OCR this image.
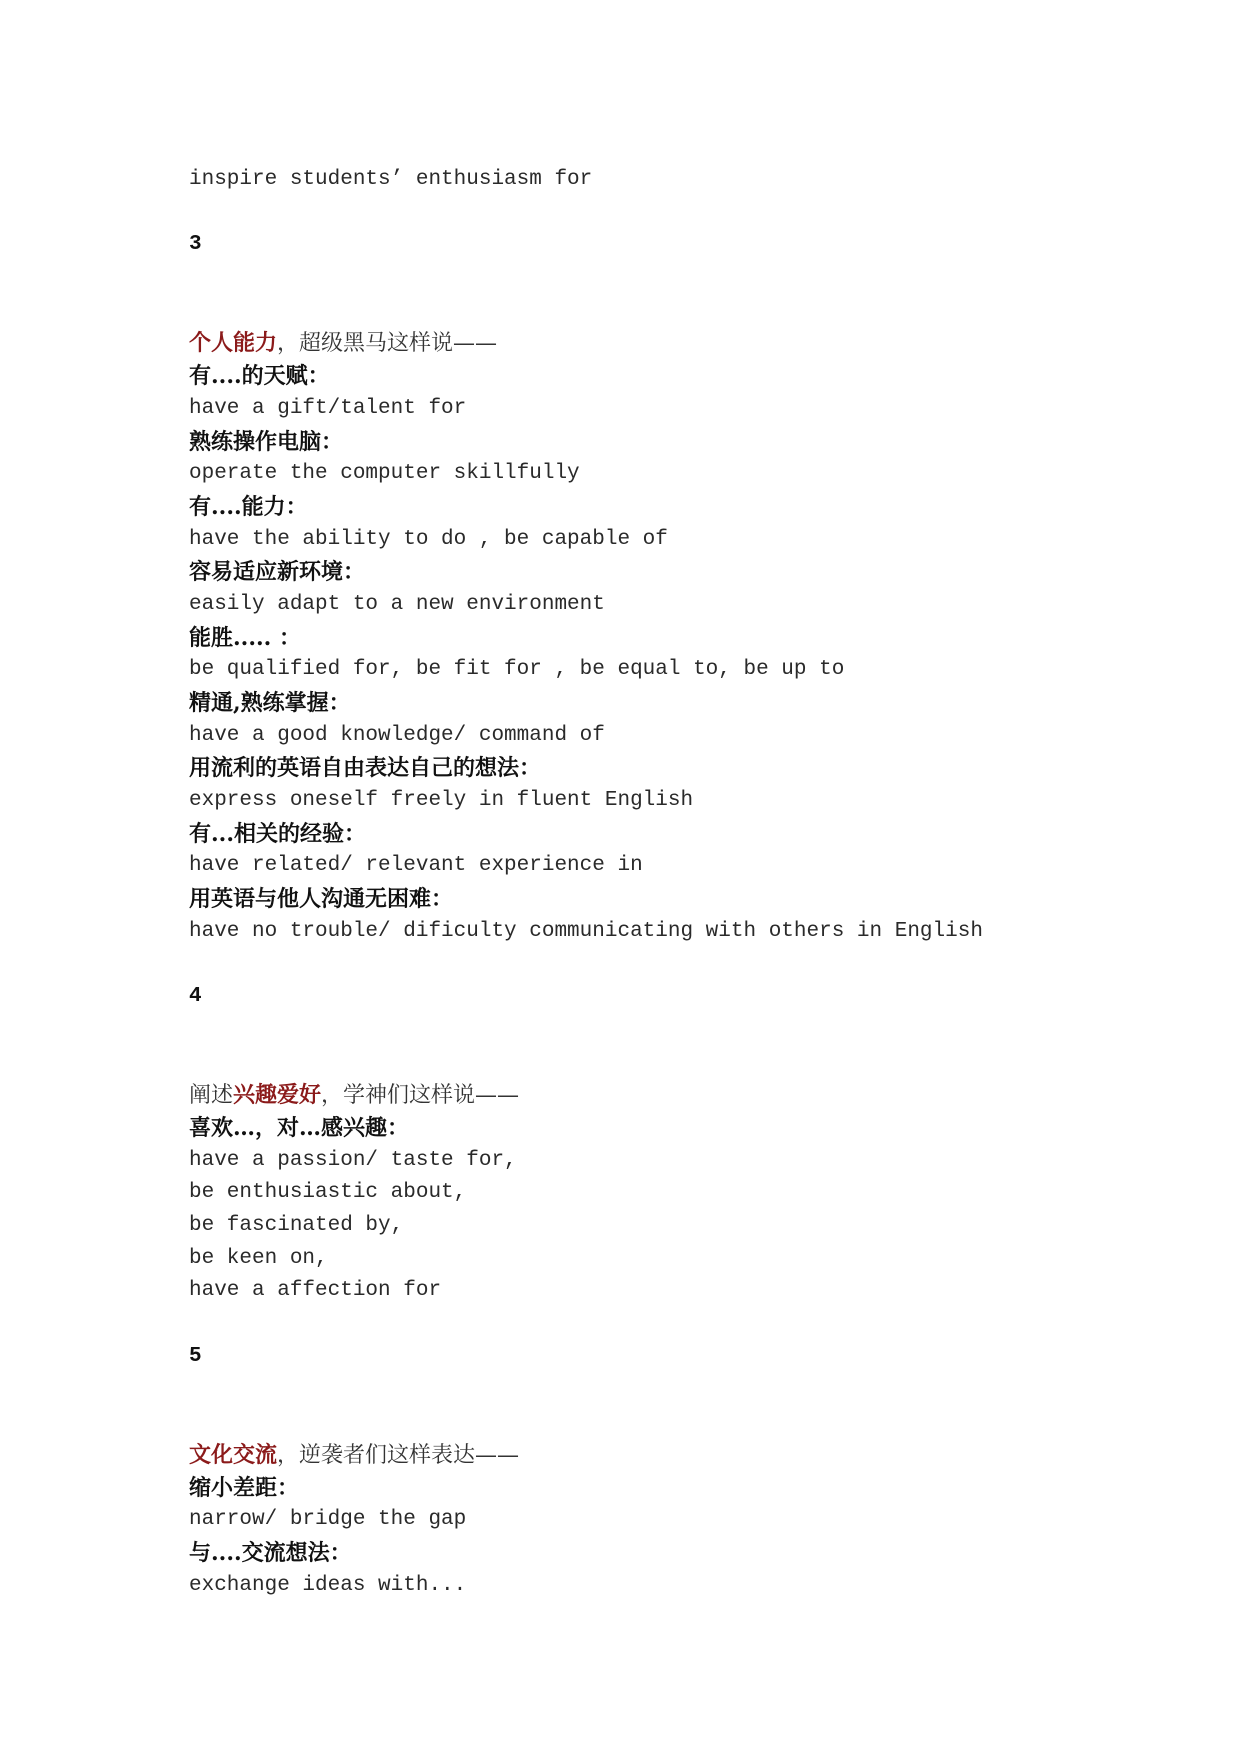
inspire students’ enthusiasm for
3
个人能力，超级黑马这样说——
有....的天赋：
have a gift/talent for
熟练操作电脑：
operate the computer skillfully
有....能力：
have the ability to do , be capable of
容易适应新环境：
easily adapt to a new environment
能胜..... ：
be qualified for, be fit for , be equal to, be up to
精通,熟练掌握：
have a good knowledge/ command of
用流利的英语自由表达自己的想法：
express oneself freely in fluent English
有...相关的经验：
have related/ relevant experience in
用英语与他人沟通无困难：
have no trouble/ dificulty communicating with others in English
4
阐述兴趣爱好，学神们这样说——
喜欢…，对…感兴趣：
have a passion/ taste for,
be enthusiastic about,
be fascinated by,
be keen on,
have a affection for
5
文化交流，逆袭者们这样表达——
缩小差距：
narrow/ bridge the gap
与....交流想法：
exchange ideas with...
